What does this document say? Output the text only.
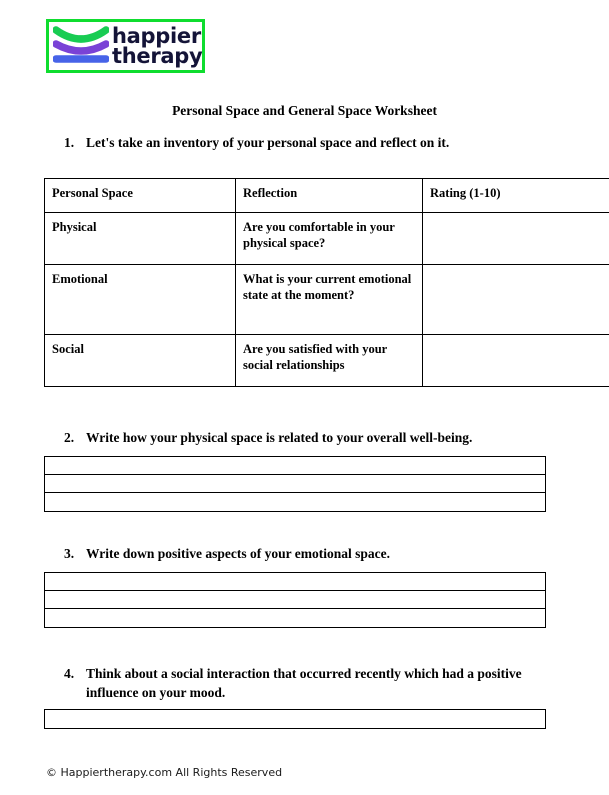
happier
therapy
Personal Space and General Space Worksheet
1. Let's take an inventory of your personal space and reflect on it.
Personal Space	Reflection	Rating (1-10)
Physical	Are you comfortable in your physical space?	
Emotional	What is your current emotional state at the moment?	
Social	Are you satisfied with your social relationships	
2. Write how your physical space is related to your overall well-being.
3. Write down positive aspects of your emotional space.
4. Think about a social interaction that occurred recently which had a positive influence on your mood.
© Happiertherapy.com All Rights Reserved
